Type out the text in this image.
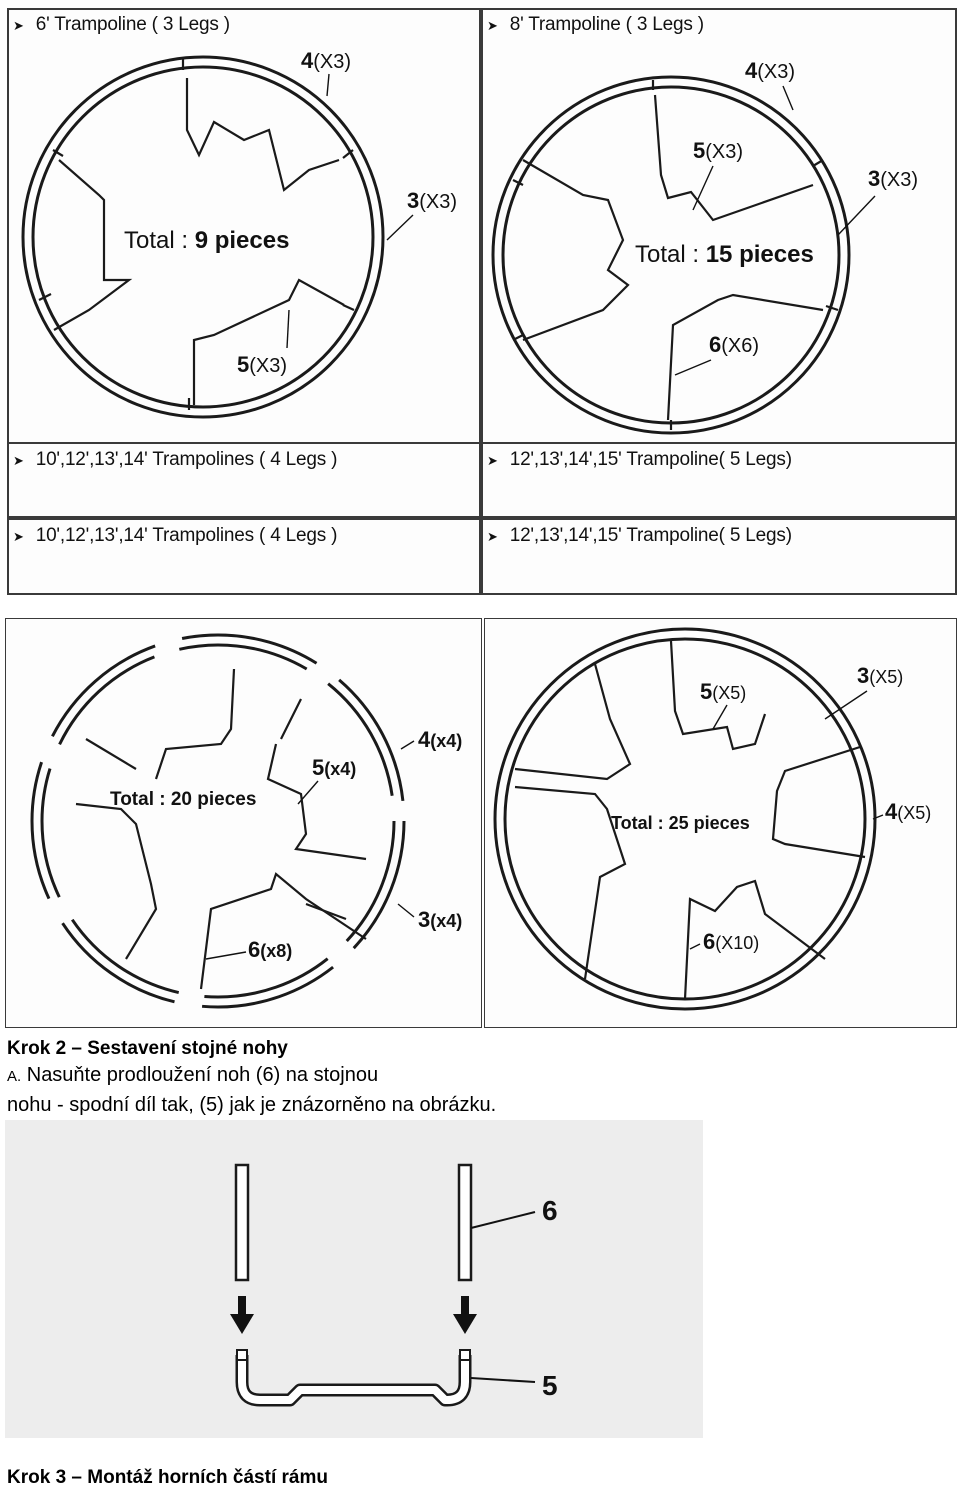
➤ 6' Trampoline ( 3 Legs )
Total : 9 pieces
4(X3)
3(X3)
5(X3)
➤ 8' Trampoline ( 3 Legs )
Total : 15 pieces
4(X3)
5(X3)
3(X3)
6(X6)
➤ 10',12',13',14' Trampolines ( 4 Legs )	➤ 12',13',14',15' Trampoline( 5 Legs)
➤ 10',12',13',14' Trampolines ( 4 Legs )	➤ 12',13',14',15' Trampoline( 5 Legs)
Total : 20 pieces
4(x4)
5(x4)
3(x4)
6(x8)
Total : 25 pieces
5(X5)
3(X5)
4(X5)
6(X10)
Krok 2 – Sestavení stojné nohy
A. Nasuňte prodloužení noh (6) na stojnou
nohu - spodní díl tak, (5) jak je znázorněno na obrázku.
6
5
Krok 3 – Montáž horních částí rámu
